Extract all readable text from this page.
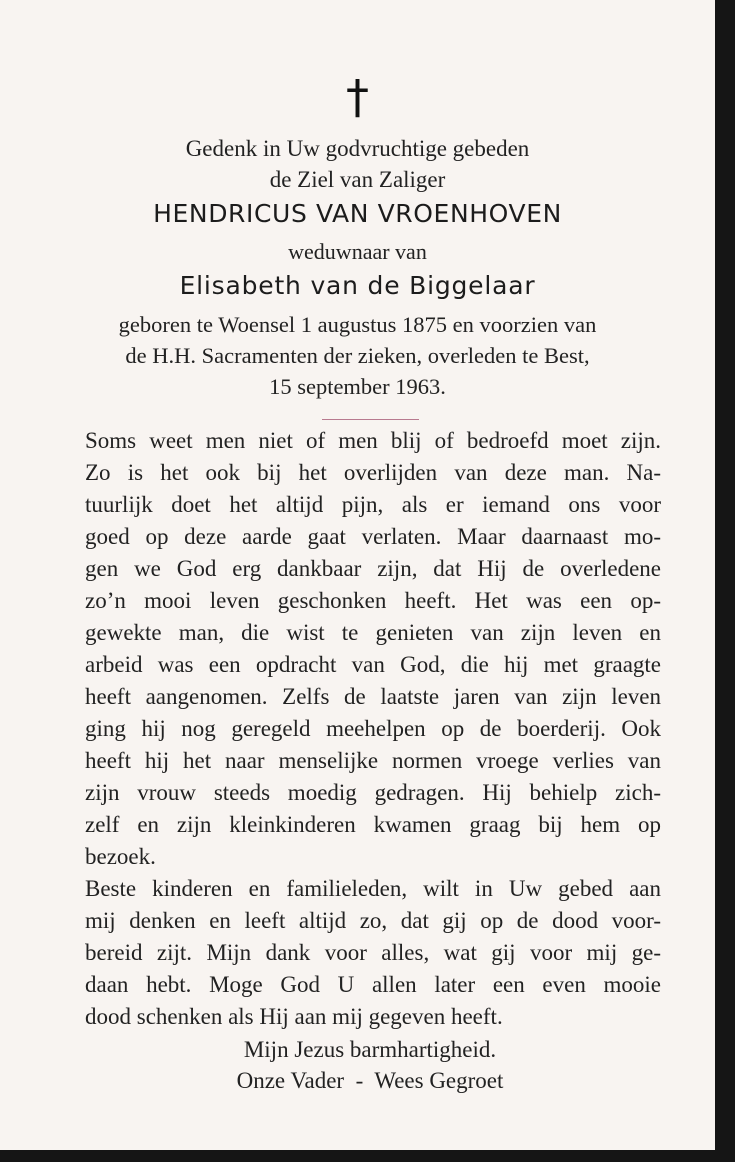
†
Gedenk in Uw godvruchtige gebeden
de Ziel van Zaliger
HENDRICUS VAN VROENHOVEN
weduwnaar van
Elisabeth van de Biggelaar
geboren te Woensel 1 augustus 1875 en voorzien van
de H.H. Sacramenten der zieken, overleden te Best,
15 september 1963.
Soms weet men niet of men blij of bedroefd moet zijn.
Zo is het ook bij het overlijden van deze man. Na-
tuurlijk doet het altijd pijn, als er iemand ons voor
goed op deze aarde gaat verlaten. Maar daarnaast mo-
gen we God erg dankbaar zijn, dat Hij de overledene
zo’n mooi leven geschonken heeft. Het was een op-
gewekte man, die wist te genieten van zijn leven en
arbeid was een opdracht van God, die hij met graagte
heeft aangenomen. Zelfs de laatste jaren van zijn leven
ging hij nog geregeld meehelpen op de boerderij. Ook
heeft hij het naar menselijke normen vroege verlies van
zijn vrouw steeds moedig gedragen. Hij behielp zich-
zelf en zijn kleinkinderen kwamen graag bij hem op
bezoek.
Beste kinderen en familieleden, wilt in Uw gebed aan
mij denken en leeft altijd zo, dat gij op de dood voor-
bereid zijt. Mijn dank voor alles, wat gij voor mij ge-
daan hebt. Moge God U allen later een even mooie
dood schenken als Hij aan mij gegeven heeft.
Mijn Jezus barmhartigheid.
Onze Vader  -  Wees Gegroet
